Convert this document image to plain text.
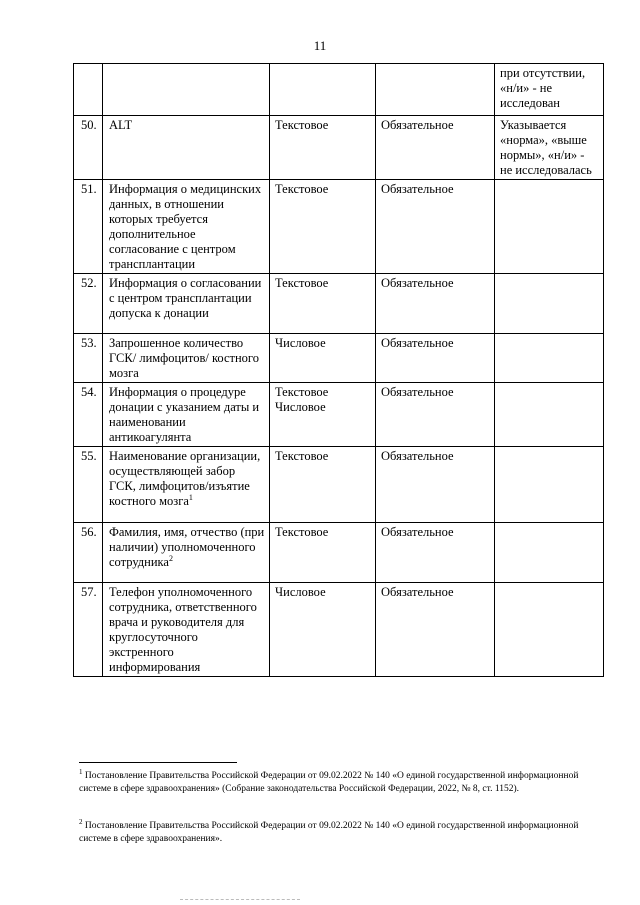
11
				при отсутствии, «н/и» - не исследован
50.	ALT	Текстовое	Обязательное	Указывается «норма», «выше нормы», «н/и» - не исследовалась
51.	Информация о медицинских данных, в отношении которых требуется дополнительное согласование с центром трансплантации	Текстовое	Обязательное	
52.	Информация о согласовании с центром трансплантации допуска к донации	Текстовое	Обязательное	
53.	Запрошенное количество ГСК/ лимфоцитов/ костного мозга	Числовое	Обязательное	
54.	Информация о процедуре донации с указанием даты и наименовании антикоагулянта	Текстовое Числовое	Обязательное	
55.	Наименование организации, осуществляющей забор ГСК, лимфоцитов/изъятие костного мозга$^1$	Текстовое	Обязательное	
56.	Фамилия, имя, отчество (при наличии) уполномоченного сотрудника$^2$	Текстовое	Обязательное	
57.	Телефон уполномоченного сотрудника, ответственного врача и руководителя для круглосуточного экстренного информирования	Числовое	Обязательное	
$^1$ Постановление Правительства Российской Федерации от 09.02.2022 № 140 «О единой государственной информационной системе в сфере здравоохранения» (Собрание законодательства Российской Федерации, 2022, № 8, ст. 1152).
$^2$ Постановление Правительства Российской Федерации от 09.02.2022 № 140 «О единой государственной информационной системе в сфере здравоохранения».
